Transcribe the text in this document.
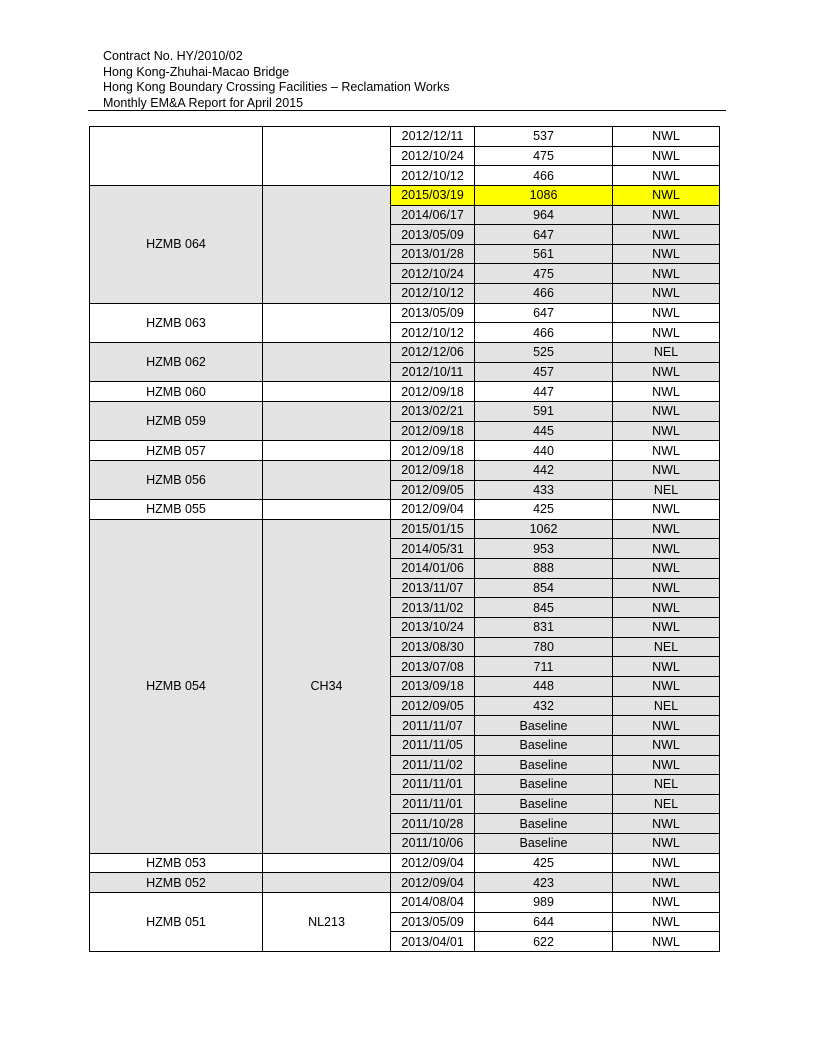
Contract No. HY/2010/02
Hong Kong-Zhuhai-Macao Bridge
Hong Kong Boundary Crossing Facilities – Reclamation Works
Monthly EM&A Report for April 2015
		2012/12/11	537	NWL
		2012/10/24	475	NWL
		2012/10/12	466	NWL
HZMB 064		2015/03/19	1086	NWL
		2014/06/17	964	NWL
		2013/05/09	647	NWL
		2013/01/28	561	NWL
		2012/10/24	475	NWL
		2012/10/12	466	NWL
HZMB 063		2013/05/09	647	NWL
		2012/10/12	466	NWL
HZMB 062		2012/12/06	525	NEL
		2012/10/11	457	NWL
HZMB 060		2012/09/18	447	NWL
HZMB 059		2013/02/21	591	NWL
		2012/09/18	445	NWL
HZMB 057		2012/09/18	440	NWL
HZMB 056		2012/09/18	442	NWL
		2012/09/05	433	NEL
HZMB 055		2012/09/04	425	NWL
HZMB 054	CH34	2015/01/15	1062	NWL
		2014/05/31	953	NWL
		2014/01/06	888	NWL
		2013/11/07	854	NWL
		2013/11/02	845	NWL
		2013/10/24	831	NWL
		2013/08/30	780	NEL
		2013/07/08	711	NWL
		2013/09/18	448	NWL
		2012/09/05	432	NEL
		2011/11/07	Baseline	NWL
		2011/11/05	Baseline	NWL
		2011/11/02	Baseline	NWL
		2011/11/01	Baseline	NEL
		2011/11/01	Baseline	NEL
		2011/10/28	Baseline	NWL
		2011/10/06	Baseline	NWL
HZMB 053		2012/09/04	425	NWL
HZMB 052		2012/09/04	423	NWL
HZMB 051	NL213	2014/08/04	989	NWL
		2013/05/09	644	NWL
		2013/04/01	622	NWL
